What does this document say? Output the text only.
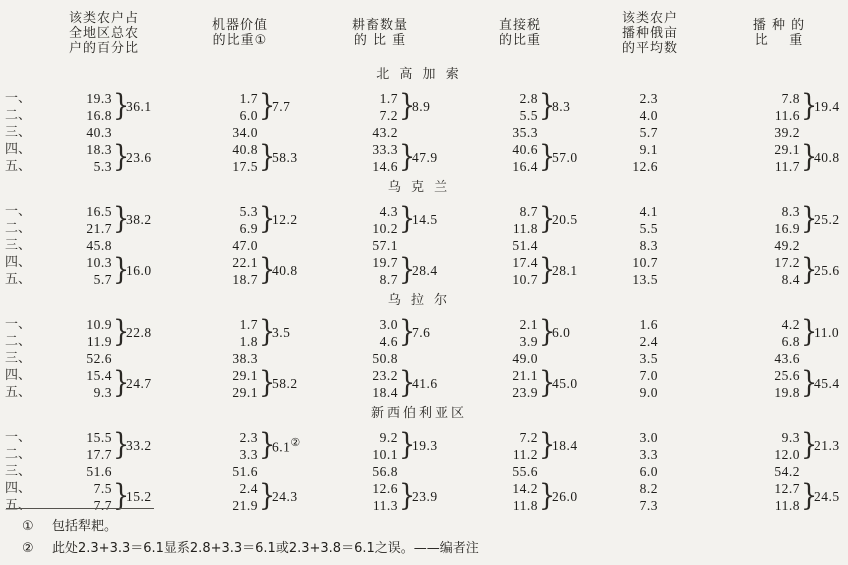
该类农户占
全地区总农
户的百分比
机器价值
的比重①
耕畜数量
的 比 重
直接税
的比重
该类农户
播种俄亩
的平均数
播 种 的
比    重
北 高 加 索
一、
二、
三、
四、
五、
19.3
16.8 }
36.1
40.3
18.3
5.3 }
23.6
1.7
6.0 }
7.7
34.0
40.8
17.5 }
58.3
1.7
7.2 }
8.9
43.2
33.3
14.6 }
47.9
2.8
5.5 }
8.3
35.3
40.6
16.4 }
57.0
2.3
4.0
5.7
9.1
12.6
7.8
11.6 }
19.4
39.2
29.1
11.7 }
40.8
乌 克 兰
一、
二、
三、
四、
五、
16.5
21.7 }
38.2
45.8
10.3
5.7 }
16.0
5.3
6.9 }
12.2
47.0
22.1
18.7 }
40.8
4.3
10.2 }
14.5
57.1
19.7
8.7 }
28.4
8.7
11.8 }
20.5
51.4
17.4
10.7 }
28.1
4.1
5.5
8.3
10.7
13.5
8.3
16.9 }
25.2
49.2
17.2
8.4 }
25.6
乌 拉 尔
一、
二、
三、
四、
五、
10.9
11.9 }
22.8
52.6
15.4
9.3 }
24.7
1.7
1.8 }
3.5
38.3
29.1
29.1 }
58.2
3.0
4.6 }
7.6
50.8
23.2
18.4 }
41.6
2.1
3.9 }
6.0
49.0
21.1
23.9 }
45.0
1.6
2.4
3.5
7.0
9.0
4.2
6.8 }
11.0
43.6
25.6
19.8 }
45.4
新西伯利亚区
一、
二、
三、
四、
五、
15.5
17.7 }
33.2
51.6
7.5
7.7 }
15.2
2.3
3.3 }
6.1②
51.6
2.4
21.9 }
24.3
9.2
10.1 }
19.3
56.8
12.6
11.3 }
23.9
7.2
11.2 }
18.4
55.6
14.2
11.8 }
26.0
3.0
3.3
6.0
8.2
7.3
9.3
12.0 }
21.3
54.2
12.7
11.8 }
24.5
①	包括犁耙。
②	此处2.3+3.3＝6.1显系2.8+3.3＝6.1或2.3+3.8＝6.1之误。——编者注
